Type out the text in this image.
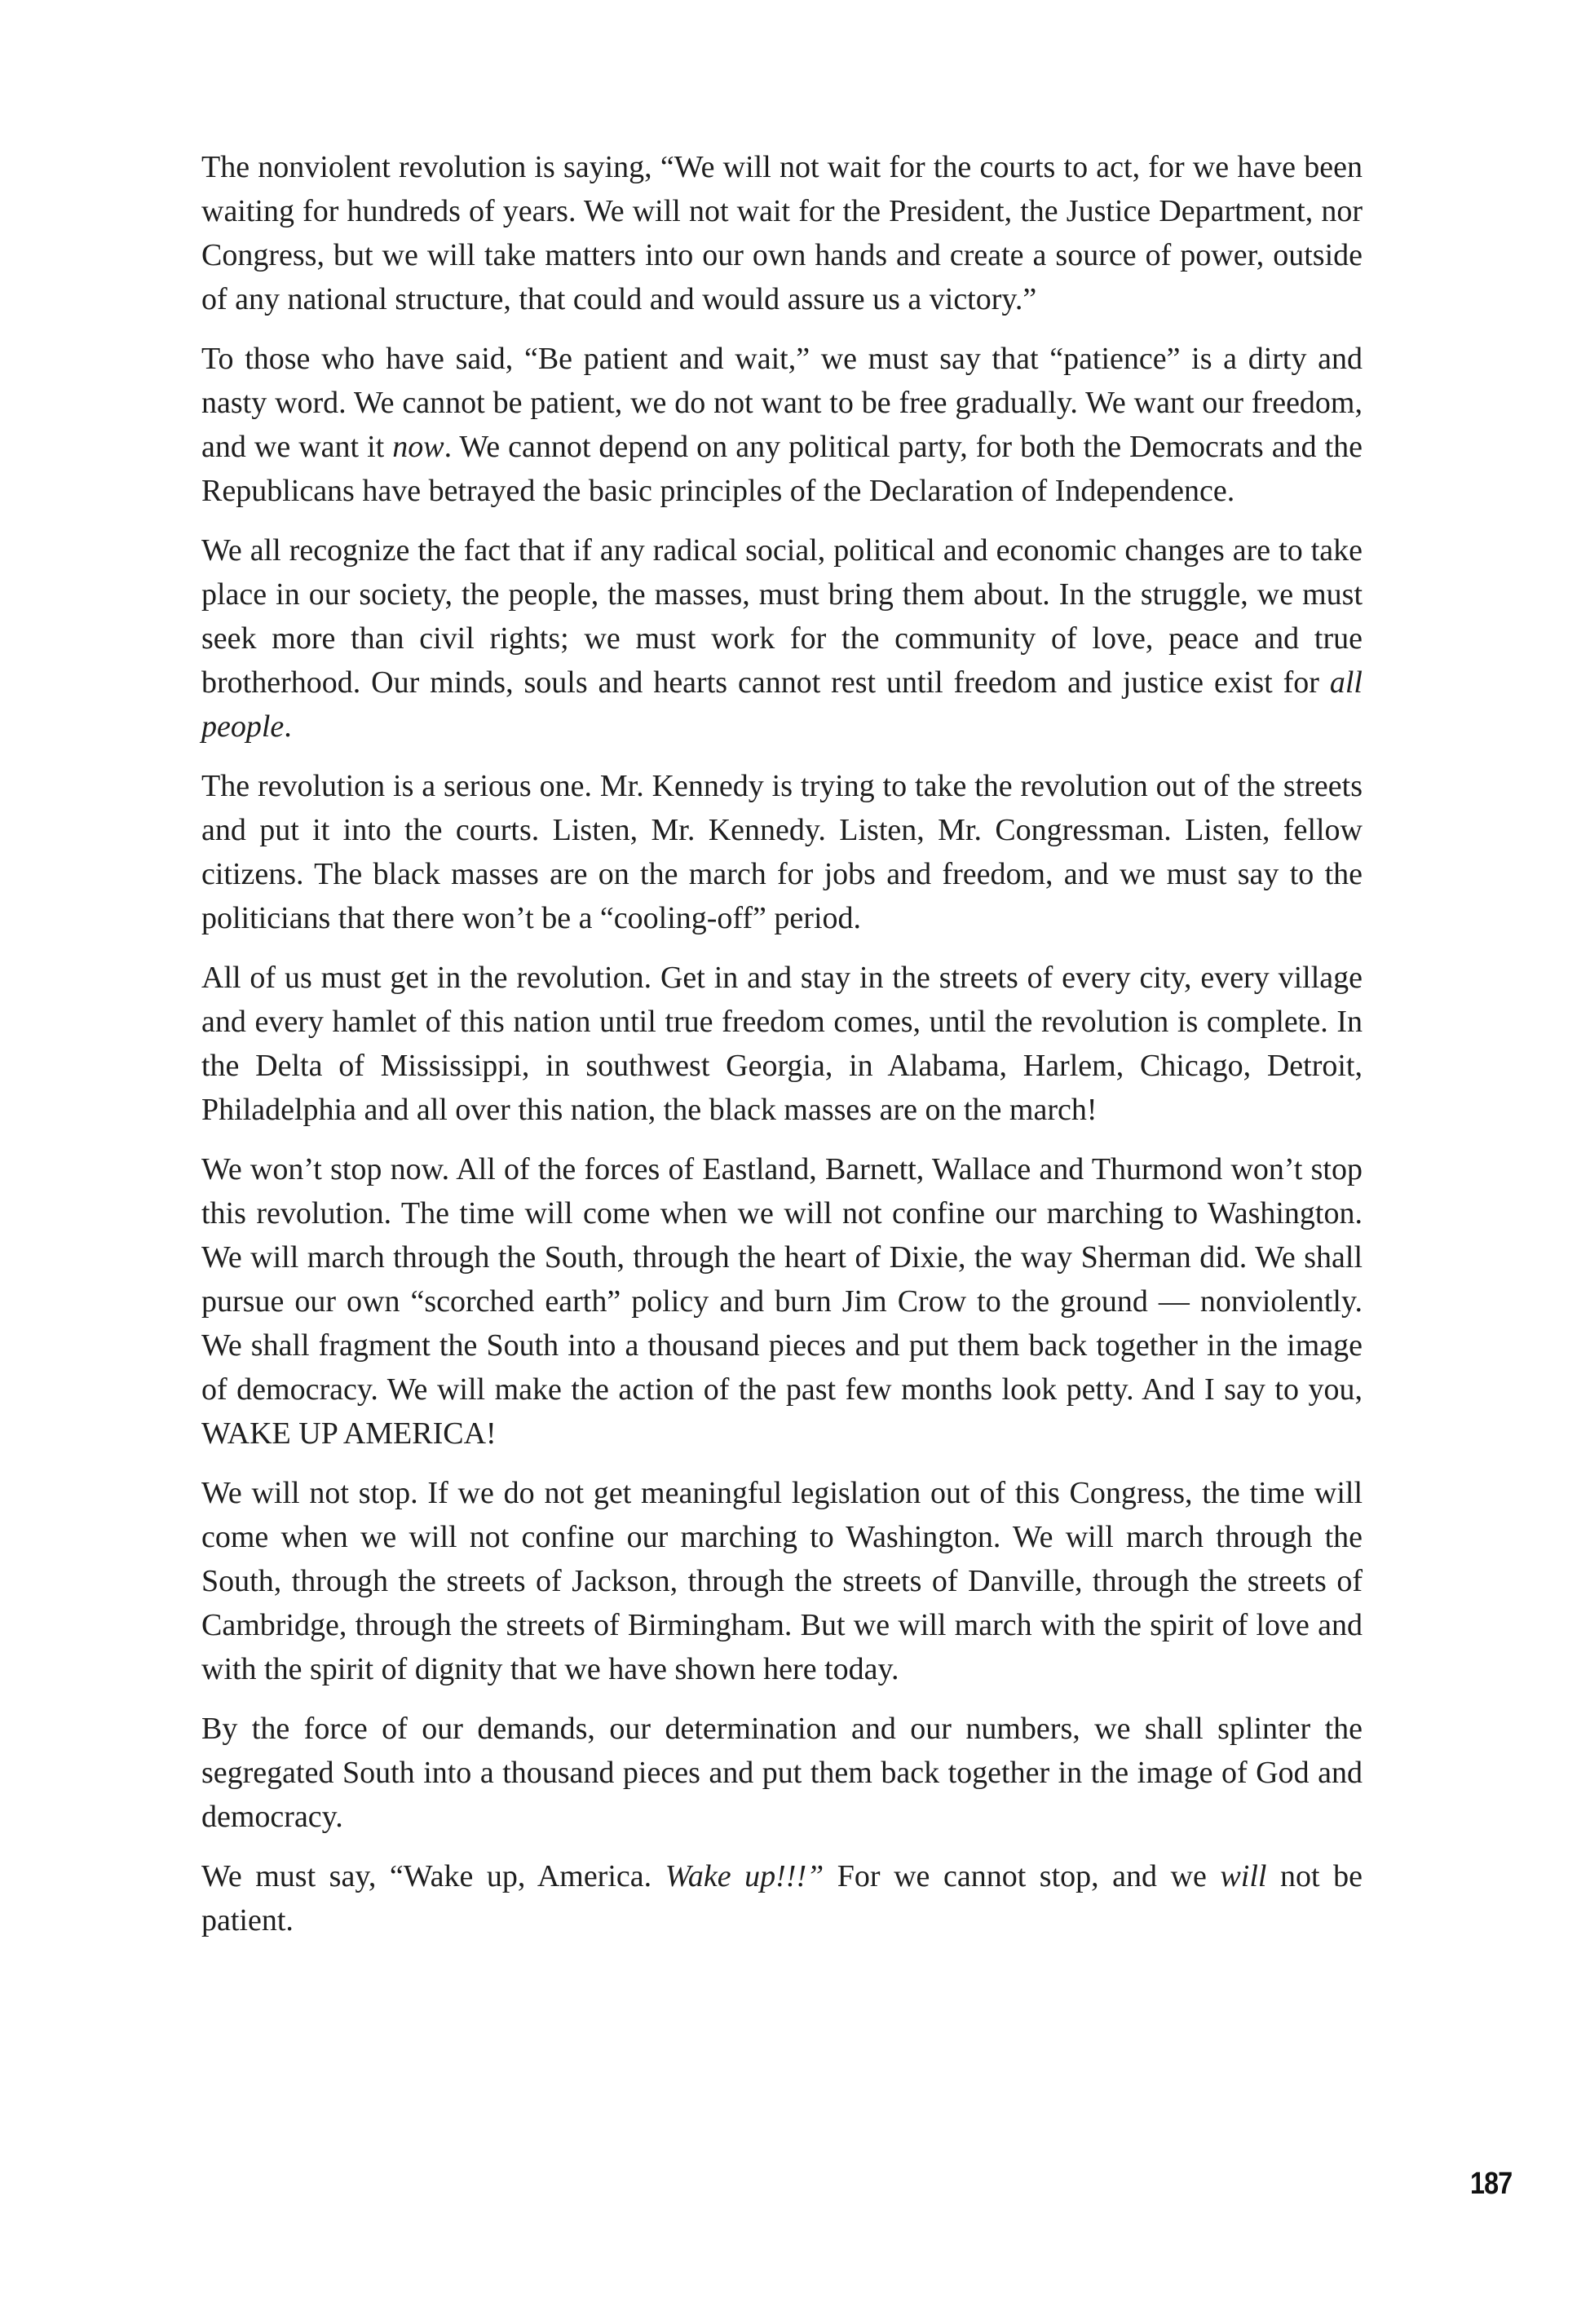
The nonviolent revolution is saying, “We will not wait for the courts to act, for we have been waiting for hundreds of years. We will not wait for the President, the Justice Department, nor Congress, but we will take matters into our own hands and create a source of power, outside of any national structure, that could and would assure us a victory.”

To those who have said, “Be patient and wait,” we must say that “patience” is a dirty and nasty word. We cannot be patient, we do not want to be free gradually. We want our freedom, and we want it now. We cannot depend on any political party, for both the Democrats and the Republicans have betrayed the basic principles of the Declaration of Independence.

We all recognize the fact that if any radical social, political and economic changes are to take place in our society, the people, the masses, must bring them about. In the struggle, we must seek more than civil rights; we must work for the community of love, peace and true brotherhood. Our minds, souls and hearts cannot rest until freedom and justice exist for all people.

The revolution is a serious one. Mr. Kennedy is trying to take the revolution out of the streets and put it into the courts. Listen, Mr. Kennedy. Listen, Mr. Congressman. Listen, fellow citizens. The black masses are on the march for jobs and freedom, and we must say to the politicians that there won’t be a “cooling-off” period.

All of us must get in the revolution. Get in and stay in the streets of every city, every village and every hamlet of this nation until true freedom comes, until the revolution is complete. In the Delta of Mississippi, in southwest Georgia, in Alabama, Harlem, Chicago, Detroit, Philadelphia and all over this nation, the black masses are on the march!

We won’t stop now. All of the forces of Eastland, Barnett, Wallace and Thurmond won’t stop this revolution. The time will come when we will not confine our marching to Washington. We will march through the South, through the heart of Dixie, the way Sherman did. We shall pursue our own “scorched earth” policy and burn Jim Crow to the ground — nonviolently. We shall fragment the South into a thousand pieces and put them back together in the image of democracy. We will make the action of the past few months look petty. And I say to you, WAKE UP AMERICA!

We will not stop. If we do not get meaningful legislation out of this Congress, the time will come when we will not confine our marching to Washington. We will march through the South, through the streets of Jackson, through the streets of Danville, through the streets of Cambridge, through the streets of Birmingham. But we will march with the spirit of love and with the spirit of dignity that we have shown here today.

By the force of our demands, our determination and our numbers, we shall splinter the segregated South into a thousand pieces and put them back together in the image of God and democracy.

We must say, “Wake up, America. Wake up!!!” For we cannot stop, and we will not be patient.

187
